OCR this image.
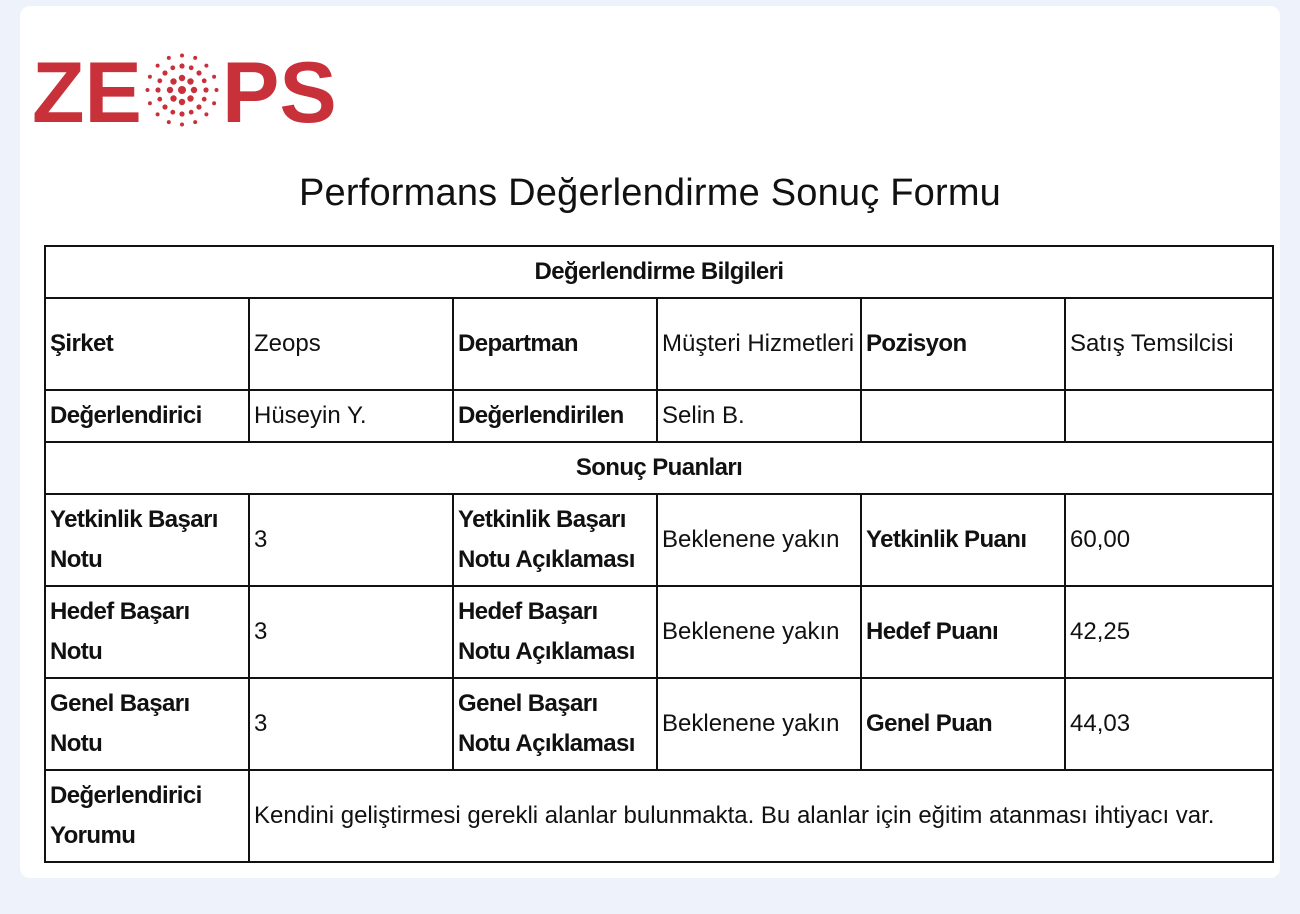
ZE PS
Performans Değerlendirme Sonuç Formu
Değerlendirme Bilgileri					
Şirket	Zeops	Departman	Müşteri Hizmetleri	Pozisyon	Satış Temsilcisi
Değerlendirici	Hüseyin Y.	Değerlendirilen	Selin B.		
Sonuç Puanları					
Yetkinlik Başarı Notu	3	Yetkinlik Başarı Notu Açıklaması	Beklenene yakın	Yetkinlik Puanı	60,00
Hedef Başarı Notu	3	Hedef Başarı Notu Açıklaması	Beklenene yakın	Hedef Puanı	42,25
Genel Başarı Notu	3	Genel Başarı Notu Açıklaması	Beklenene yakın	Genel Puan	44,03
Değerlendirici Yorumu	Kendini geliştirmesi gerekli alanlar bulunmakta. Bu alanlar için eğitim atanması ihtiyacı var.				
